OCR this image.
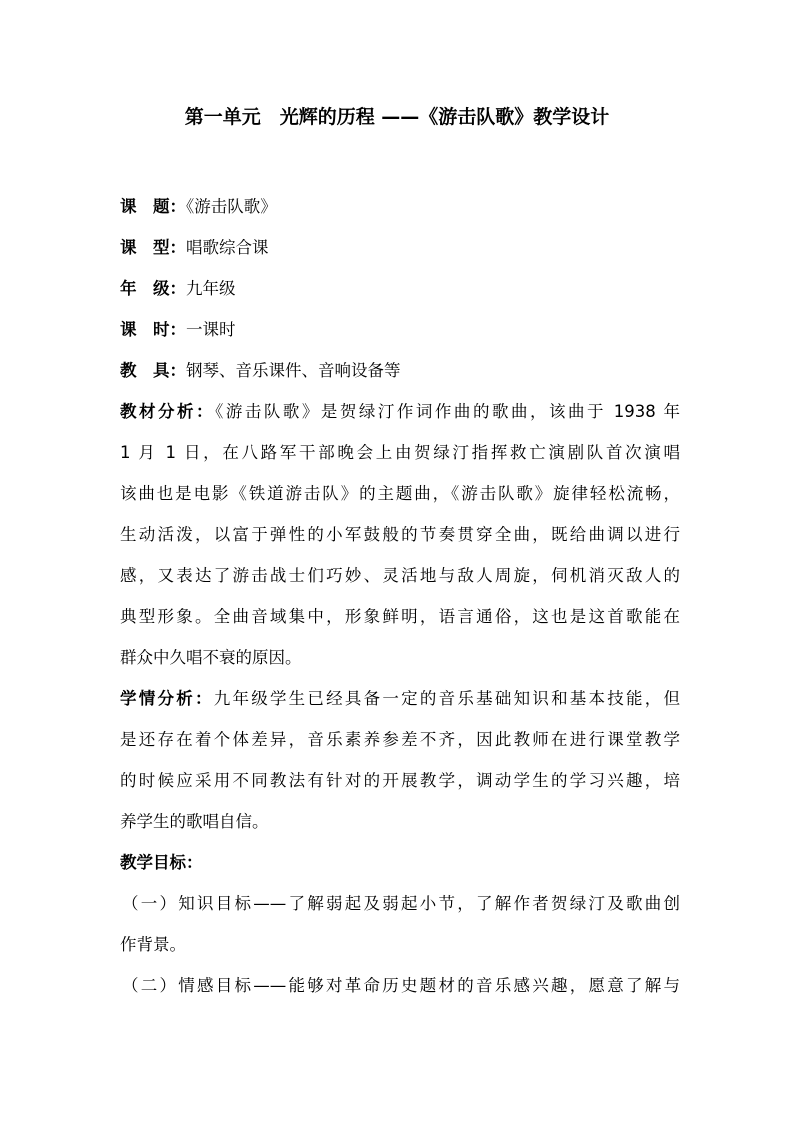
第一单元　光辉的历程 ——《游击队歌》教学设计
课　题：《游击队歌》
课　型：唱歌综合课
年　级：九年级
课　时：一课时
教　具：钢琴、音乐课件、音响设备等
教材分析：《游击队歌》是贺绿汀作词作曲的歌曲，该曲于 1938 年
1 月 1 日，在八路军干部晚会上由贺绿汀指挥救亡演剧队首次演唱
该曲也是电影《铁道游击队》的主题曲，《游击队歌》旋律轻松流畅，
生动活泼，以富于弹性的小军鼓般的节奏贯穿全曲，既给曲调以进行
感，又表达了游击战士们巧妙、灵活地与敌人周旋，伺机消灭敌人的
典型形象。全曲音域集中，形象鲜明，语言通俗，这也是这首歌能在
群众中久唱不衰的原因。
学情分析：九年级学生已经具备一定的音乐基础知识和基本技能，但
是还存在着个体差异，音乐素养参差不齐，因此教师在进行课堂教学
的时候应采用不同教法有针对的开展教学，调动学生的学习兴趣，培
养学生的歌唱自信。
教学目标：
（一）知识目标——了解弱起及弱起小节，了解作者贺绿汀及歌曲创
作背景。
（二）情感目标——能够对革命历史题材的音乐感兴趣，愿意了解与
